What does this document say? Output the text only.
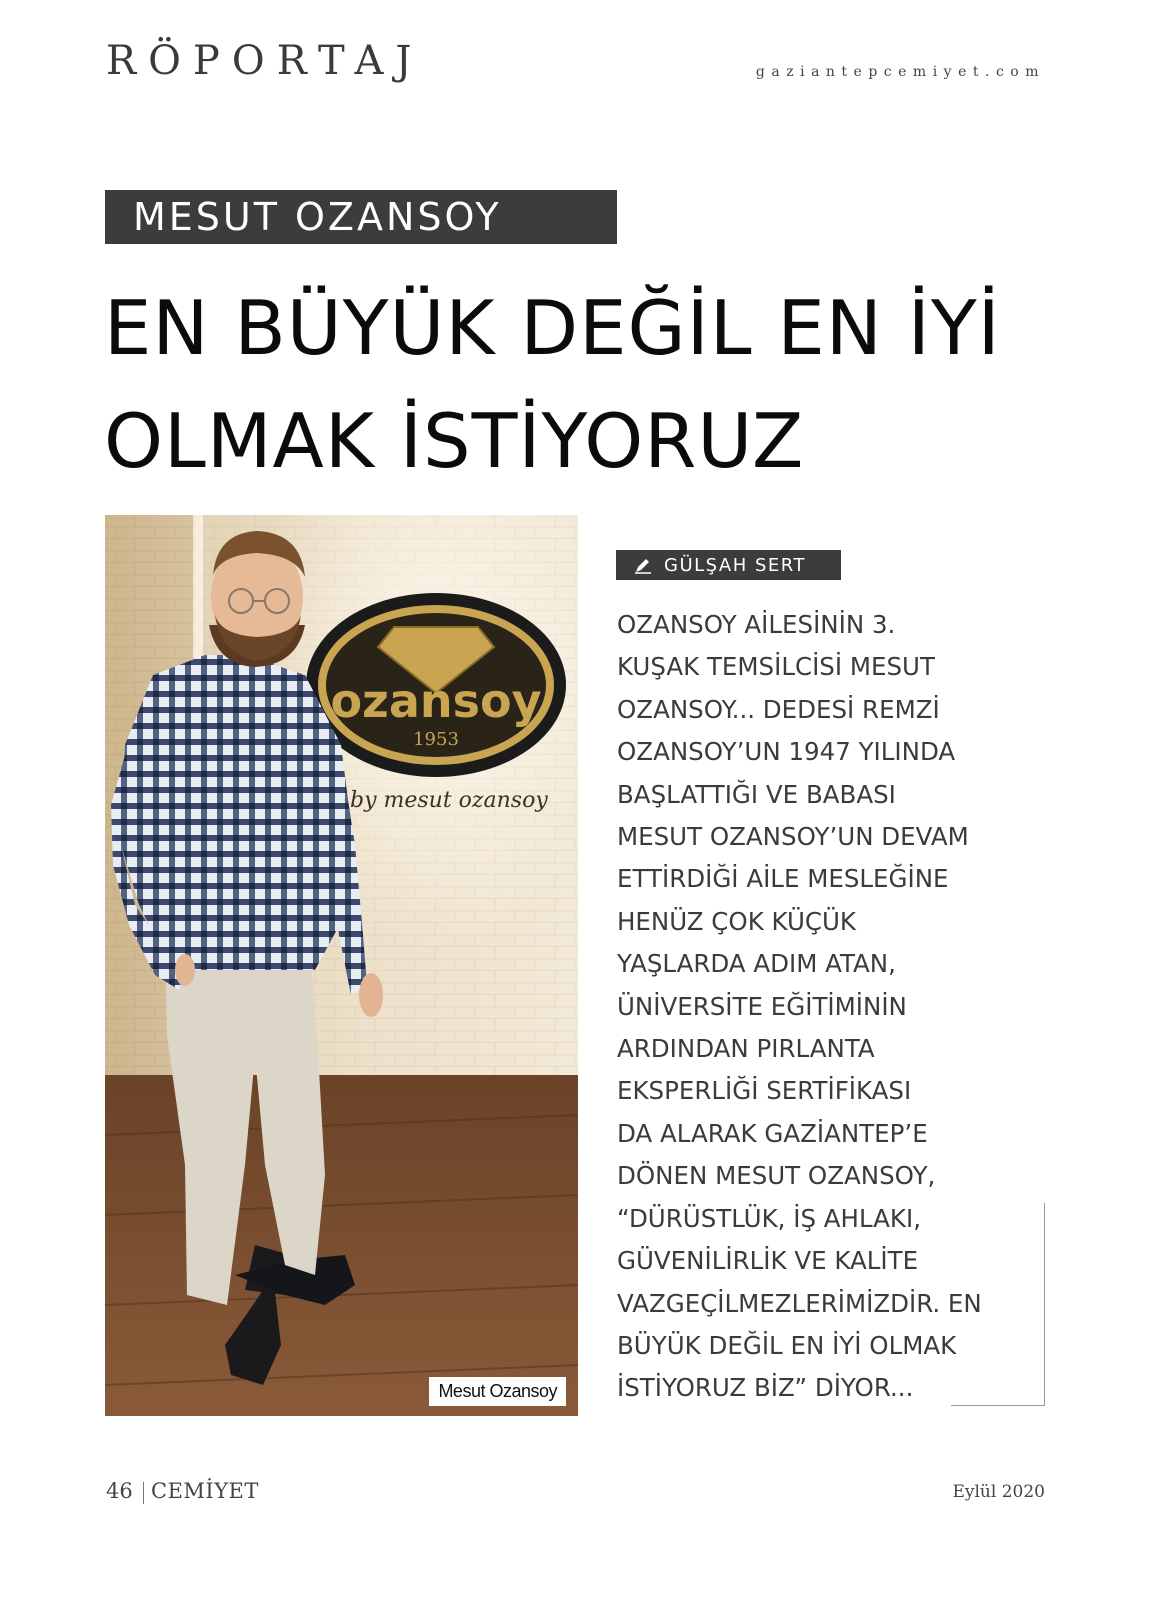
RÖPORTAJ	gaziantepcemiyet.com
MESUT OZANSOY
EN BÜYÜK DEĞİL EN İYİ OLMAK İSTİYORUZ
ozansoy
1953
by mesut ozansoy
Mesut Ozansoy
GÜLŞAH SERT

OZANSOY AİLESİNİN 3.
KUŞAK TEMSİLCİSİ MESUT
OZANSOY... DEDESİ REMZİ
OZANSOY’UN 1947 YILINDA
BAŞLATTIĞI VE BABASI
MESUT OZANSOY’UN DEVAM
ETTİRDİĞİ AİLE MESLEĞİNE
HENÜZ ÇOK KÜÇÜK
YAŞLARDA ADIM ATAN,
ÜNİVERSİTE EĞİTİMİNİN
ARDINDAN PIRLANTA
EKSPERLİĞİ SERTİFİKASI
DA ALARAK GAZİANTEP’E
DÖNEN MESUT OZANSOY,
“DÜRÜSTLÜK, İŞ AHLAKI,
GÜVENİLİRLİK VE KALİTE
VAZGEÇİLMEZLERİMİZDİR. EN
BÜYÜK DEĞİL EN İYİ OLMAK
İSTİYORUZ BİZ” DİYOR...

46 CEMİYET	Eylül 2020
